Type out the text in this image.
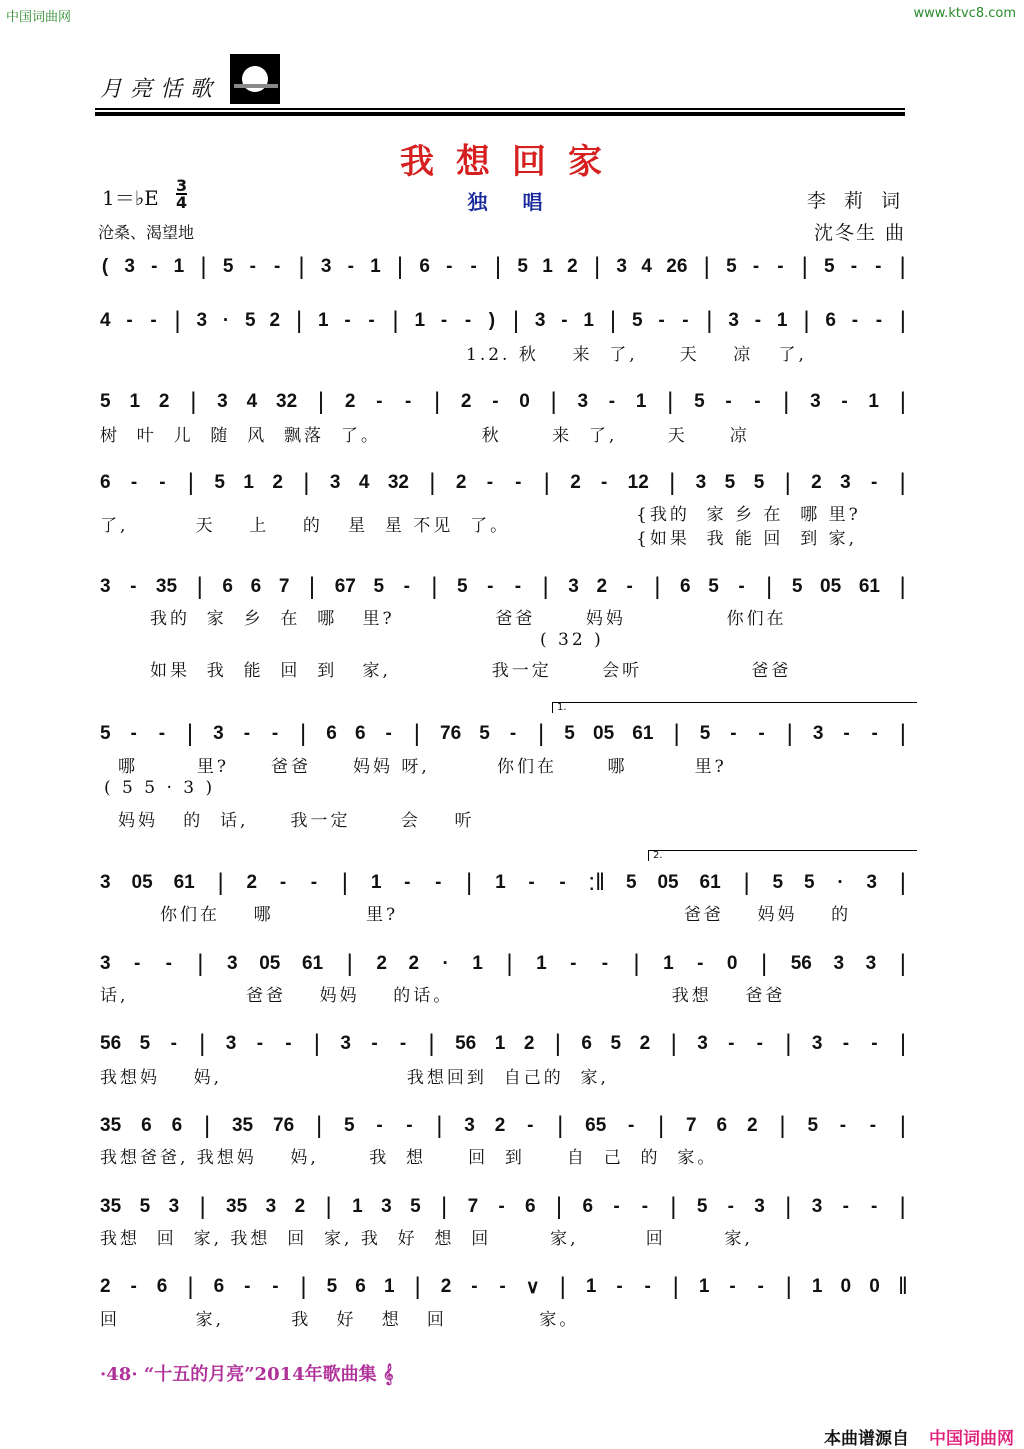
中国词曲网	www.ktvc8.com
月亮恬歌
我想回家
1＝♭E
3
4	独 唱	李 莉 词
沈冬生 曲
沧桑、渴望地
( 3 - 1 | 5 - - | 3 - 1 | 6 - - | 5 1 2 | 3 4 26 | 5 - - | 5 - - |
4 - - | 3 · 5 2 | 1 - - | 1 - - ) | 3 - 1 | 5 - - | 3 - 1 | 6 - - |
1.2. 秋    来  了,     天    凉   了,
5 1 2 | 3 4 32 | 2 - - | 2 - 0 | 3 - 1 | 5 - - | 3 - 1 |
树  叶  儿  随  风  飘落  了。            秋      来  了,      天     凉
6 - - | 5 1 2 | 3 4 32 | 2 - - | 2 - 12 | 3 5 5 | 2 3 - |
了,        天    上    的   星  星 不见  了。
{我的  家 乡 在  哪 里?
{如果  我 能 回  到 家,
3 - 35 | 6 6 7 | 67 5 - | 5 - - | 3 2 - | 6 5 - | 5 05 61 |
我的  家  乡  在  哪   里?            爸爸      妈妈            你们在
( 32 )
如果  我  能  回  到   家,            我一定      会听             爸爸
5 - - | 3 - - | 6 6 - | 76 5 - | 5 05 61 | 5 - - | 3 - - |
哪       里?     爸爸     妈妈 呀,        你们在      哪        里?
( 5 5 · 3 )
妈妈   的  话,     我一定      会    听
3 05 61 | 2 - - | 1 - - | 1 - - :‖ 5 05 61 | 5 5 · 3 |
你们在    哪           里?                                  爸爸    妈妈    的
3 - - | 3 05 61 | 2 2 · 1 | 1 - - | 1 - 0 | 56 3 3 |
话,              爸爸    妈妈    的话。                          我想    爸爸
56 5 - | 3 - - | 3 - - | 56 1 2 | 6 5 2 | 3 - - | 3 - - |
我想妈    妈,                      我想回到  自己的  家,
35 6 6 | 35 76 | 5 - - | 3 2 - | 65 - | 7 6 2 | 5 - - |
我想爸爸, 我想妈    妈,      我  想     回  到     自  己  的  家。
35 5 3 | 35 3 2 | 1 3 5 | 7 - 6 | 6 - - | 5 - 3 | 3 - - |
我想  回  家, 我想  回  家, 我  好  想  回       家,        回       家,
2 - 6 | 6 - - | 5 6 1 | 2 - - ∨ | 1 - - | 1 - - | 1 0 0 ‖
回         家,        我   好   想   回           家。
1.
2.
·48· “十五的月亮”2014年歌曲集 𝄞
本曲谱源自 中国词曲网
